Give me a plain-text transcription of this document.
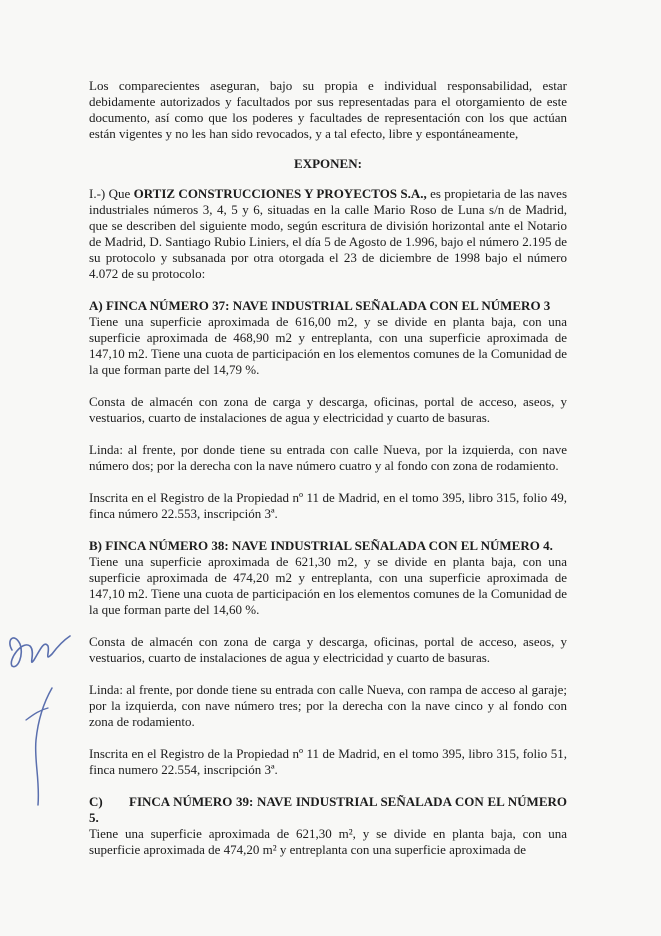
Los comparecientes aseguran, bajo su propia e individual responsabilidad, estar debidamente autorizados y facultados por sus representadas para el otorgamiento de este documento, así como que los poderes y facultades de representación con los que actúan están vigentes y no les han sido revocados, y a tal efecto, libre y espontáneamente,

EXPONEN:

I.-) Que ORTIZ CONSTRUCCIONES Y PROYECTOS S.A., es propietaria de las naves industriales números 3, 4, 5 y 6, situadas en la calle Mario Roso de Luna s/n de Madrid, que se describen del siguiente modo, según escritura de división horizontal ante el Notario de Madrid, D. Santiago Rubio Liniers, el día 5 de Agosto de 1.996, bajo el número 2.195 de su protocolo y subsanada por otra otorgada el 23 de diciembre de 1998 bajo el número 4.072 de su protocolo:

A) FINCA NÚMERO 37: NAVE INDUSTRIAL SEÑALADA CON EL NÚMERO 3

Tiene una superficie aproximada de 616,00 m2, y se divide en planta baja, con una superficie aproximada de 468,90 m2 y entreplanta, con una superficie aproximada de 147,10 m2. Tiene una cuota de participación en los elementos comunes de la Comunidad de la que forman parte del 14,79 %.

Consta de almacén con zona de carga y descarga, oficinas, portal de acceso, aseos, y vestuarios, cuarto de instalaciones de agua y electricidad y cuarto de basuras.

Linda: al frente, por donde tiene su entrada con calle Nueva, por la izquierda, con nave número dos; por la derecha con la nave número cuatro y al fondo con zona de rodamiento.

Inscrita en el Registro de la Propiedad nº 11 de Madrid, en el tomo 395, libro 315, folio 49, finca número 22.553, inscripción 3ª.

B) FINCA NÚMERO 38: NAVE INDUSTRIAL SEÑALADA CON EL NÚMERO 4.

Tiene una superficie aproximada de 621,30 m2, y se divide en planta baja, con una superficie aproximada de 474,20 m2 y entreplanta, con una superficie aproximada de 147,10 m2. Tiene una cuota de participación en los elementos comunes de la Comunidad de la que forman parte del 14,60 %.

Consta de almacén con zona de carga y descarga, oficinas, portal de acceso, aseos, y vestuarios, cuarto de instalaciones de agua y electricidad y cuarto de basuras.

Linda: al frente, por donde tiene su entrada con calle Nueva, con rampa de acceso al garaje; por la izquierda, con nave número tres; por la derecha con la nave cinco y al fondo con zona de rodamiento.

Inscrita en el Registro de la Propiedad nº 11 de Madrid, en el tomo 395, libro 315, folio 51, finca numero 22.554, inscripción 3ª.

C) FINCA NÚMERO 39: NAVE INDUSTRIAL SEÑALADA CON EL NÚMERO 5.

Tiene una superficie aproximada de 621,30 m², y se divide en planta baja, con una superficie aproximada de 474,20 m² y entreplanta con una superficie aproximada de
